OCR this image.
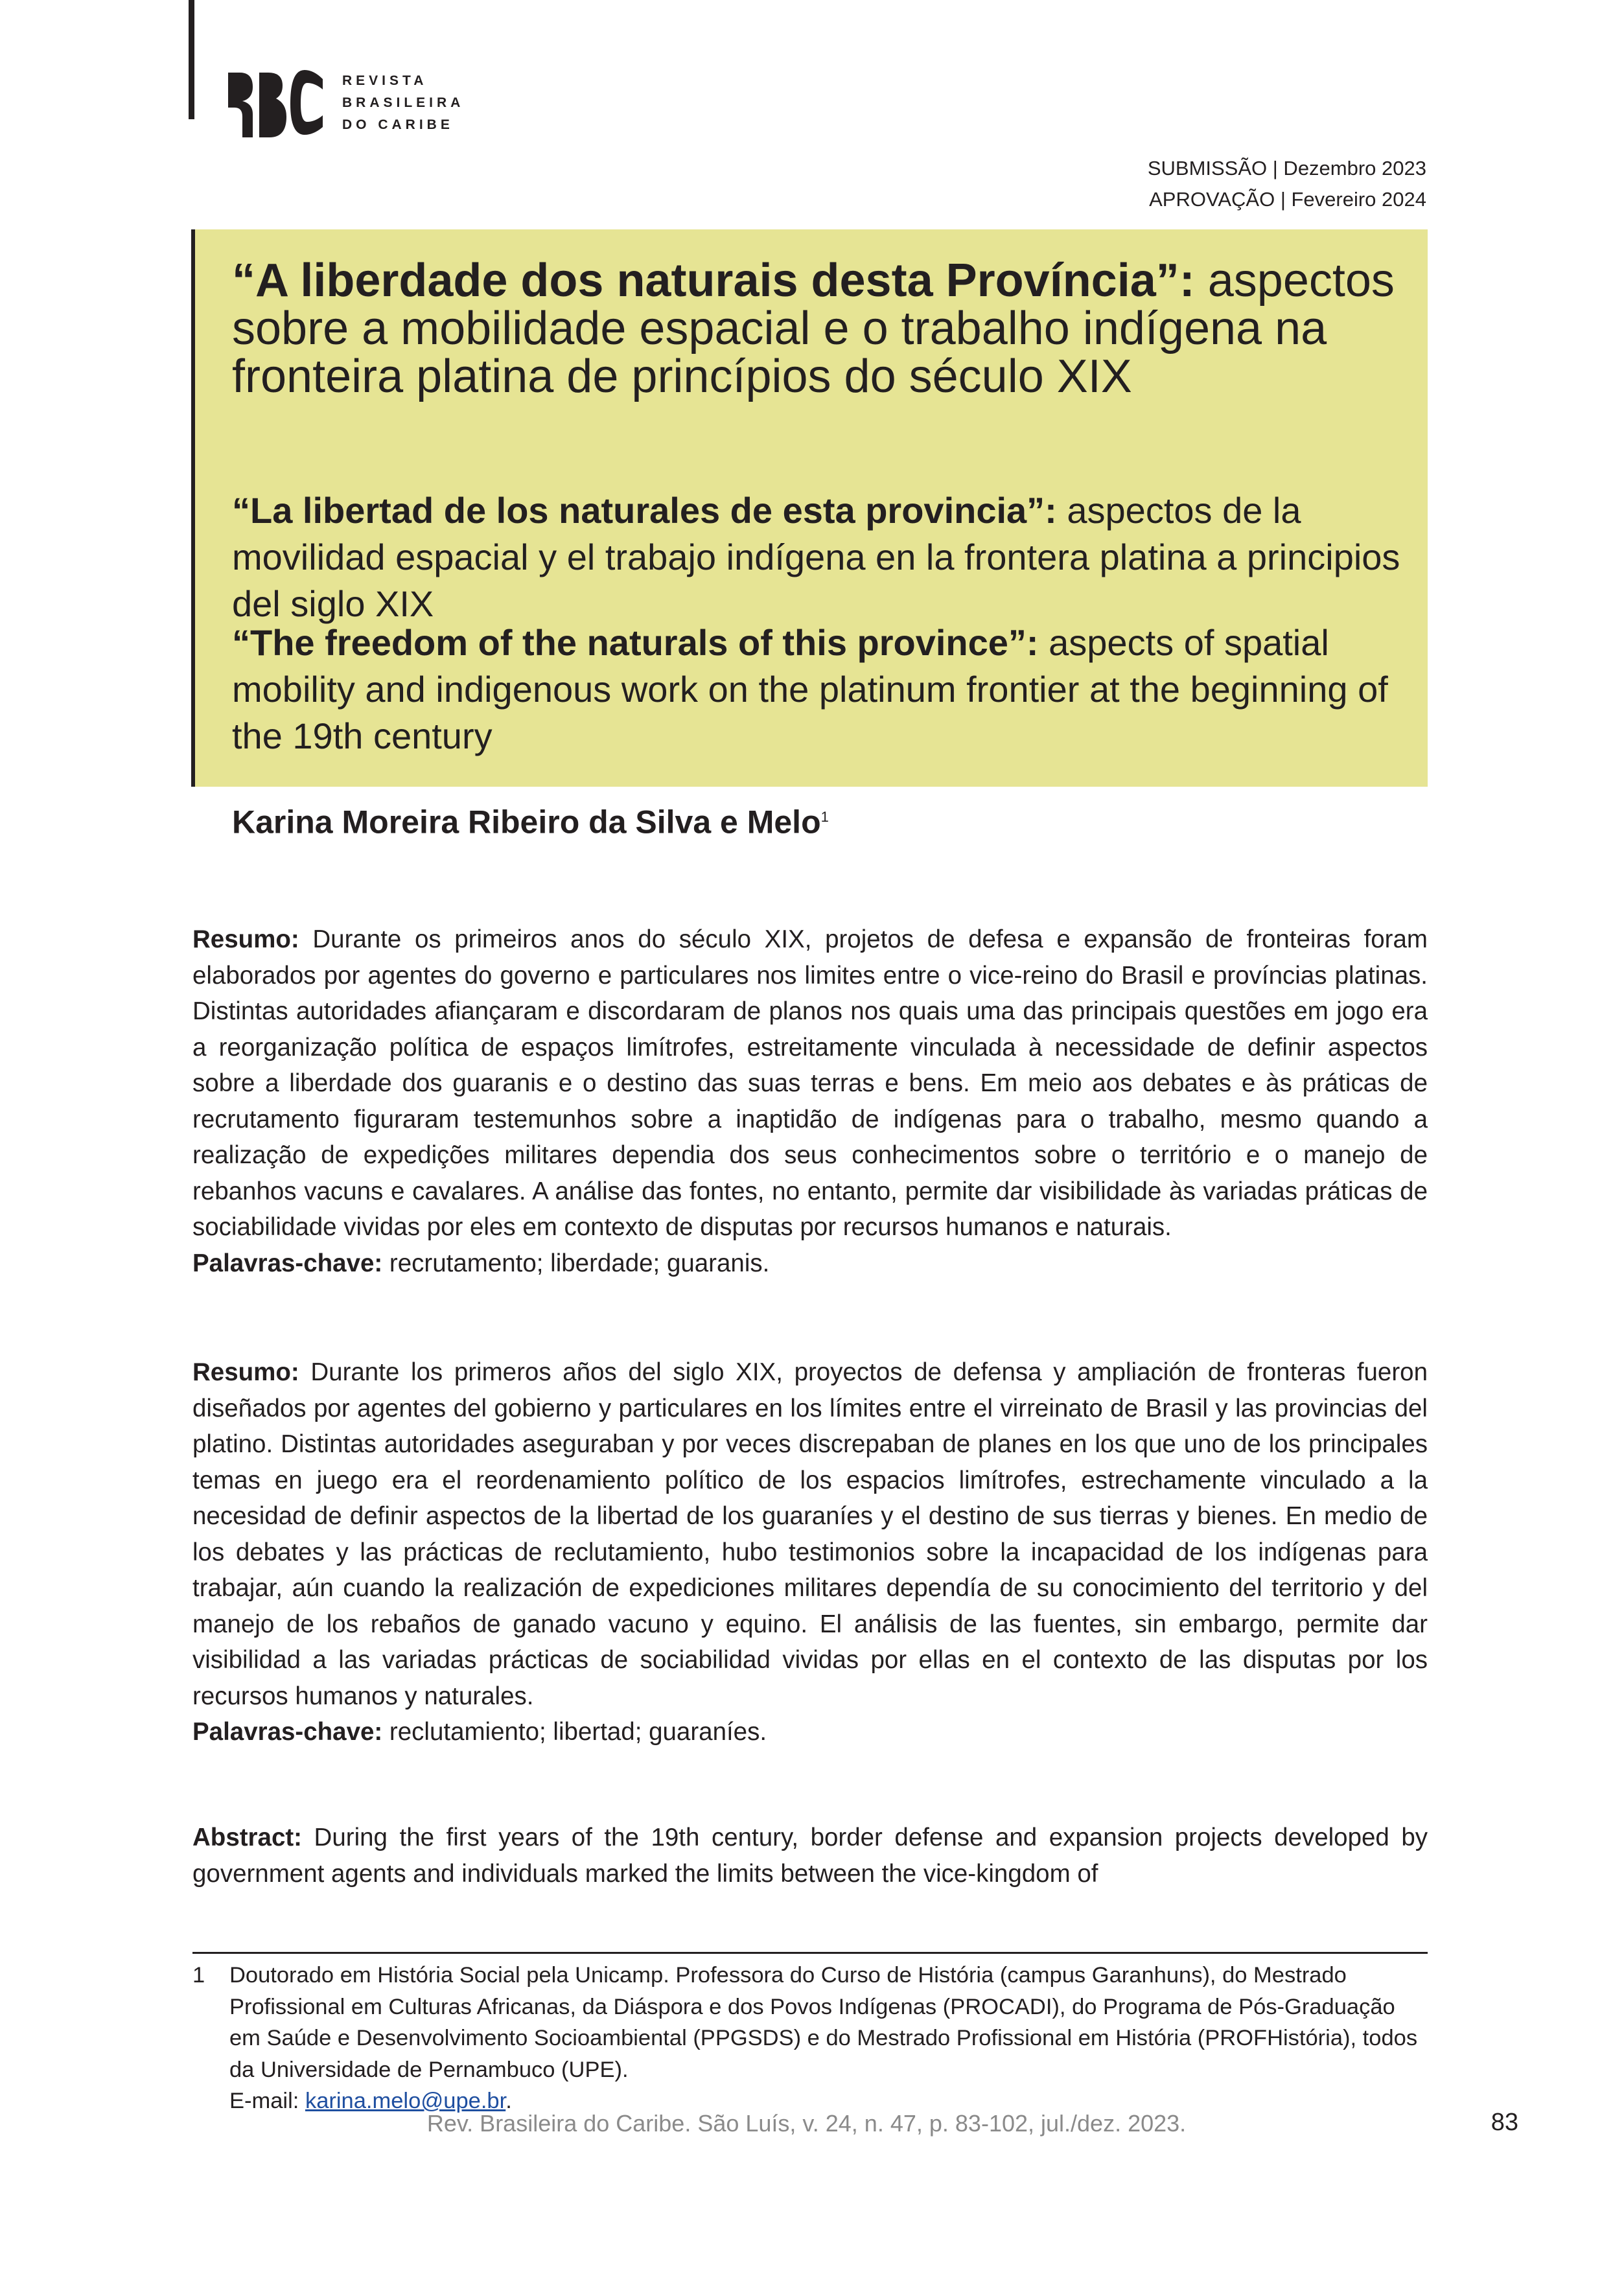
REVISTA
BRASILEIRA
DO CARIBE
SUBMISSÃO | Dezembro 2023
APROVAÇÃO | Fevereiro 2024
“A liberdade dos naturais desta Província”: aspectos sobre a mobilidade espacial e o trabalho indígena na fronteira platina de princípios do século XIX
“La libertad de los naturales de esta provincia”: aspectos de la movilidad espacial y el trabajo indígena en la frontera platina a principios del siglo XIX
“The freedom of the naturals of this province”: aspects of spatial mobility and indigenous work on the platinum frontier at the beginning of the 19th century
Karina Moreira Ribeiro da Silva e Melo$^1$
Resumo: Durante os primeiros anos do século XIX, projetos de defesa e expansão de fronteiras foram elaborados por agentes do governo e particulares nos limites entre o vice-reino do Brasil e províncias platinas. Distintas autoridades afiançaram e discordaram de planos nos quais uma das principais questões em jogo era a reorganização política de espaços limítrofes, estreitamente vinculada à necessidade de definir aspectos sobre a liberdade dos guaranis e o destino das suas terras e bens. Em meio aos debates e às práticas de recrutamento figuraram testemunhos sobre a inaptidão de indígenas para o trabalho, mesmo quando a realização de expedições militares dependia dos seus conhecimentos sobre o território e o manejo de rebanhos vacuns e cavalares. A análise das fontes, no entanto, permite dar visibilidade às variadas práticas de sociabilidade vividas por eles em contexto de disputas por recursos humanos e naturais.
Palavras-chave: recrutamento; liberdade; guaranis.
Resumo: Durante los primeros años del siglo XIX, proyectos de defensa y ampliación de fronteras fueron diseñados por agentes del gobierno y particulares en los límites entre el virreinato de Brasil y las provincias del platino. Distintas autoridades aseguraban y por veces discrepaban de planes en los que uno de los principales temas en juego era el reordenamiento político de los espacios limítrofes, estrechamente vinculado a la necesidad de definir aspectos de la libertad de los guaraníes y el destino de sus tierras y bienes. En medio de los debates y las prácticas de reclutamiento, hubo testimonios sobre la incapacidad de los indígenas para trabajar, aún cuando la realización de expediciones militares dependía de su conocimiento del territorio y del manejo de los rebaños de ganado vacuno y equino. El análisis de las fuentes, sin embargo, permite dar visibilidad a las variadas prácticas de sociabilidad vividas por ellas en el contexto de las disputas por los recursos humanos y naturales.
Palavras-chave: reclutamiento; libertad; guaraníes.
Abstract: During the first years of the 19th century, border defense and expansion projects developed by government agents and individuals marked the limits between the vice-kingdom of
1 Doutorado em História Social pela Unicamp. Professora do Curso de História (campus Garanhuns), do Mestrado Profissional em Culturas Africanas, da Diáspora e dos Povos Indígenas (PROCADI), do Programa de Pós-Graduação em Saúde e Desenvolvimento Socioambiental (PPGSDS) e do Mestrado Profissional em História (PROFHistória), todos da Universidade de Pernambuco (UPE).
E-mail: karina.melo@upe.br.
Rev. Brasileira do Caribe. São Luís, v. 24, n. 47, p. 83-102, jul./dez. 2023.	83
